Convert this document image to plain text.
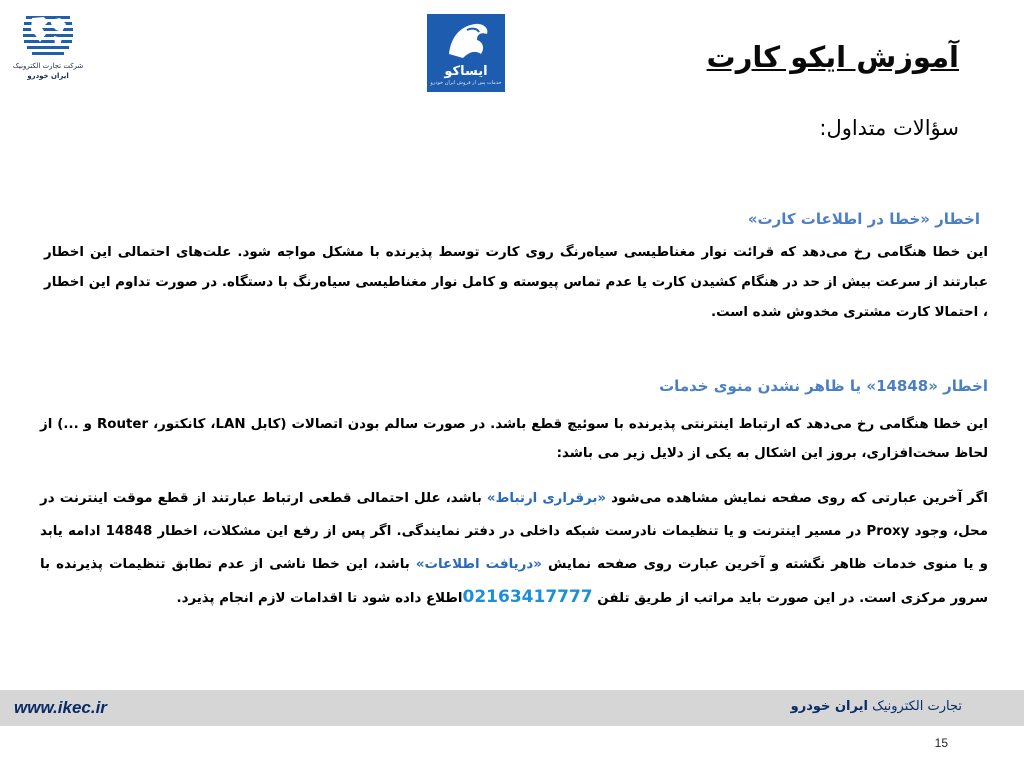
شرکت تجارت الکترونیک
ایران خودرو	ایساکو
خدمات پس از فروش ایران خودرو
آموزش ایکو کارت
سؤالات متداول:
اخطار «خطا در اطلاعات کارت»
این خطا هنگامی رخ می‌دهد که قرائت نوار مغناطیسی سیاه‌رنگ روی کارت توسط پذیرنده با مشکل مواجه شود. علت‌های احتمالی این اخطار عبارتند از سرعت بیش از حد در هنگام کشیدن کارت یا عدم تماس پیوسته و کامل نوار مغناطیسی سیاه‌رنگ با دستگاه. در صورت تداوم این اخطار ، احتمالا کارت مشتری مخدوش شده است.
اخطار «14848» یا ظاهر نشدن منوی خدمات
این خطا هنگامی رخ می‌دهد که ارتباط اینترنتی پذیرنده با سوئیچ قطع باشد. در صورت سالم بودن اتصالات (کابل LAN، کانکتور، Router و ...) از لحاظ سخت‌افزاری، بروز این اشکال به یکی از دلایل زیر می باشد:
اگر آخرین عبارتی که روی صفحه نمایش مشاهده می‌شود «برقراری ارتباط» باشد، علل احتمالی قطعی ارتباط عبارتند از قطع موقت اینترنت در محل، وجود Proxy در مسیر اینترنت و یا تنظیمات نادرست شبکه داخلی در دفتر نمایندگی. اگر پس از رفع این مشکلات، اخطار 14848 ادامه یابد و یا منوی خدمات ظاهر نگشته و آخرین عبارت روی صفحه نمایش «دریافت اطلاعات» باشد، این خطا ناشی از عدم تطابق تنظیمات پذیرنده با سرور مرکزی است. در این صورت باید مراتب از طریق تلفن 02163417777اطلاع داده شود تا اقدامات لازم انجام پذیرد.
www.ikec.ir	تجارت الکترونیک ایران خودرو
15
